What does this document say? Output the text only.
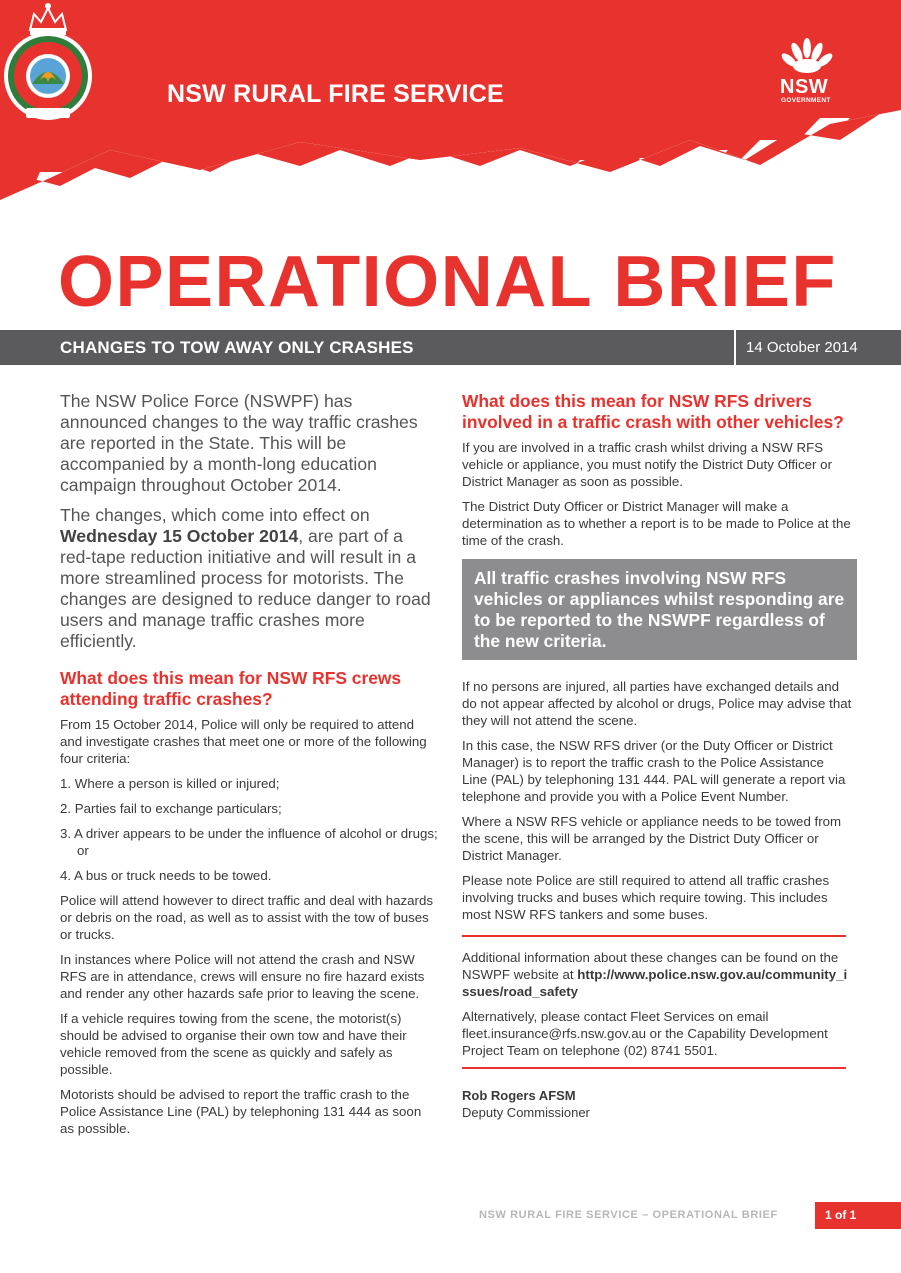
NSW RURAL FIRE SERVICE	NSW
GOVERNMENT
OPERATIONAL BRIEF
CHANGES TO TOW AWAY ONLY CRASHES	14 October 2014

The NSW Police Force (NSWPF) has announced changes to the way traffic crashes are reported in the State. This will be accompanied by a month-long education campaign throughout October 2014.

The changes, which come into effect on Wednesday 15 October 2014, are part of a red-tape reduction initiative and will result in a more streamlined process for motorists. The changes are designed to reduce danger to road users and manage traffic crashes more efficiently.

What does this mean for NSW RFS crews attending traffic crashes?

From 15 October 2014, Police will only be required to attend and investigate crashes that meet one or more of the following four criteria:

1. Where a person is killed or injured;

2. Parties fail to exchange particulars;

3. A driver appears to be under the influence of alcohol or drugs; or

4. A bus or truck needs to be towed.

Police will attend however to direct traffic and deal with hazards or debris on the road, as well as to assist with the tow of buses or trucks.

In instances where Police will not attend the crash and NSW RFS are in attendance, crews will ensure no fire hazard exists and render any other hazards safe prior to leaving the scene.

If a vehicle requires towing from the scene, the motorist(s) should be advised to organise their own tow and have their vehicle removed from the scene as quickly and safely as possible.

Motorists should be advised to report the traffic crash to the Police Assistance Line (PAL) by telephoning 131 444 as soon as possible.

What does this mean for NSW RFS drivers involved in a traffic crash with other vehicles?

If you are involved in a traffic crash whilst driving a NSW RFS vehicle or appliance, you must notify the District Duty Officer or District Manager as soon as possible.

The District Duty Officer or District Manager will make a determination as to whether a report is to be made to Police at the time of the crash.

All traffic crashes involving NSW RFS vehicles or appliances whilst responding are to be reported to the NSWPF regardless of the new criteria.

If no persons are injured, all parties have exchanged details and do not appear affected by alcohol or drugs, Police may advise that they will not attend the scene.

In this case, the NSW RFS driver (or the Duty Officer or District Manager) is to report the traffic crash to the Police Assistance Line (PAL) by telephoning 131 444. PAL will generate a report via telephone and provide you with a Police Event Number.

Where a NSW RFS vehicle or appliance needs to be towed from the scene, this will be arranged by the District Duty Officer or District Manager.

Please note Police are still required to attend all traffic crashes involving trucks and buses which require towing. This includes most NSW RFS tankers and some buses.

Additional information about these changes can be found on the NSWPF website at http://www.police.nsw.gov.au/community_issues/road_safety

Alternatively, please contact Fleet Services on email fleet.insurance@rfs.nsw.gov.au or the Capability Development Project Team on telephone (02) 8741 5501.

Rob Rogers AFSM
Deputy Commissioner
NSW RURAL FIRE SERVICE – OPERATIONAL BRIEF	1 of 1
